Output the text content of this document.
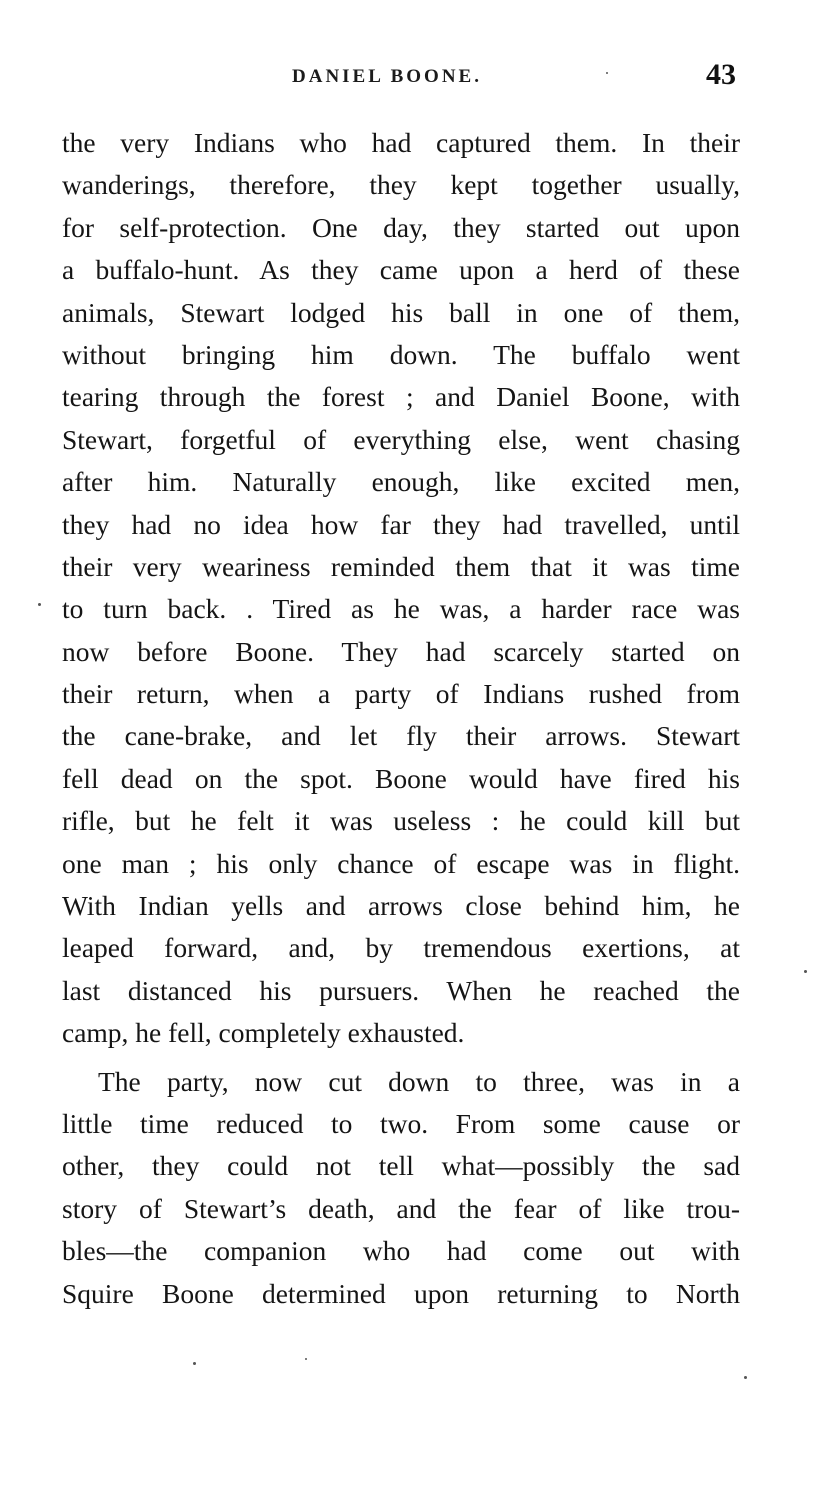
DANIEL BOONE.	43
the very Indians who had captured them. In their
wanderings, therefore, they kept together usually,
for self-protection. One day, they started out upon
a buffalo-hunt. As they came upon a herd of these
animals, Stewart lodged his ball in one of them,
without bringing him down. The buffalo went
tearing through the forest ; and Daniel Boone, with
Stewart, forgetful of everything else, went chasing
after him. Naturally enough, like excited men,
they had no idea how far they had travelled, until
their very weariness reminded them that it was time
to turn back. . Tired as he was, a harder race was
now before Boone. They had scarcely started on
their return, when a party of Indians rushed from
the cane-brake, and let fly their arrows. Stewart
fell dead on the spot. Boone would have fired his
rifle, but he felt it was useless : he could kill but
one man ; his only chance of escape was in flight.
With Indian yells and arrows close behind him, he
leaped forward, and, by tremendous exertions, at
last distanced his pursuers. When he reached the
camp, he fell, completely exhausted.
The party, now cut down to three, was in a
little time reduced to two. From some cause or
other, they could not tell what—possibly the sad
story of Stewart’s death, and the fear of like trou-
bles—the companion who had come out with
Squire Boone determined upon returning to North
